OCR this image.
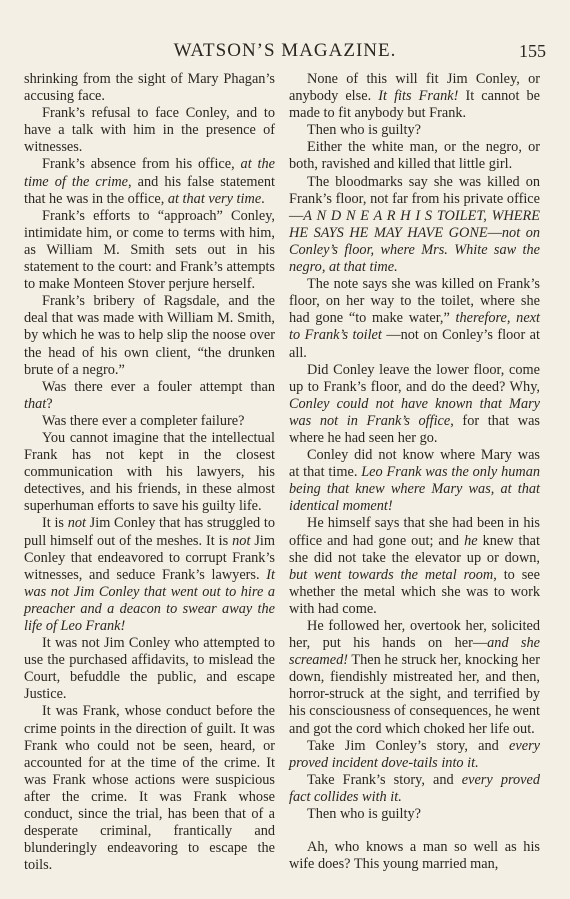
WATSON’S MAGAZINE.	155

shrinking from the sight of Mary Phagan’s accusing face.

Frank’s refusal to face Conley, and to have a talk with him in the presence of witnesses.

Frank’s absence from his office, at the time of the crime, and his false statement that he was in the office, at that very time.

Frank’s efforts to “approach” Conley, intimidate him, or come to terms with him, as William M. Smith sets out in his statement to the court: and Frank’s attempts to make Monteen Stover perjure herself.

Frank’s bribery of Ragsdale, and the deal that was made with William M. Smith, by which he was to help slip the noose over the head of his own client, “the drunken brute of a negro.”

Was there ever a fouler attempt than that?

Was there ever a completer failure?

You cannot imagine that the intellectual Frank has not kept in the closest communication with his lawyers, his detectives, and his friends, in these almost superhuman efforts to save his guilty life.

It is not Jim Conley that has struggled to pull himself out of the meshes. It is not Jim Conley that endeavored to corrupt Frank’s witnesses, and seduce Frank’s lawyers. It was not Jim Conley that went out to hire a preacher and a deacon to swear away the life of Leo Frank!

It was not Jim Conley who attempted to use the purchased affidavits, to mislead the Court, befuddle the public, and escape Justice.

It was Frank, whose conduct before the crime points in the direction of guilt. It was Frank who could not be seen, heard, or accounted for at the time of the crime. It was Frank whose actions were suspicious after the crime. It was Frank whose conduct, since the trial, has been that of a desperate criminal, frantically and blunderingly endeavoring to escape the toils.

None of this will fit Jim Conley, or anybody else. It fits Frank! It cannot be made to fit anybody but Frank.

Then who is guilty?

Either the white man, or the negro, or both, ravished and killed that little girl.

The bloodmarks say she was killed on Frank’s floor, not far from his private office—A N D N E A R H I S TOILET, WHERE HE SAYS HE MAY HAVE GONE—not on Conley’s floor, where Mrs. White saw the negro, at that time.

The note says she was killed on Frank’s floor, on her way to the toilet, where she had gone “to make water,” therefore, next to Frank’s toilet —not on Conley’s floor at all.

Did Conley leave the lower floor, come up to Frank’s floor, and do the deed? Why, Conley could not have known that Mary was not in Frank’s office, for that was where he had seen her go.

Conley did not know where Mary was at that time. Leo Frank was the only human being that knew where Mary was, at that identical moment!

He himself says that she had been in his office and had gone out; and he knew that she did not take the elevator up or down, but went towards the metal room, to see whether the metal which she was to work with had come.

He followed her, overtook her, solicited her, put his hands on her—and she screamed! Then he struck her, knocking her down, fiendishly mistreated her, and then, horror-struck at the sight, and terrified by his consciousness of consequences, he went and got the cord which choked her life out.

Take Jim Conley’s story, and every proved incident dove-tails into it.

Take Frank’s story, and every proved fact collides with it.

Then who is guilty?

Ah, who knows a man so well as his wife does? This young married man,
